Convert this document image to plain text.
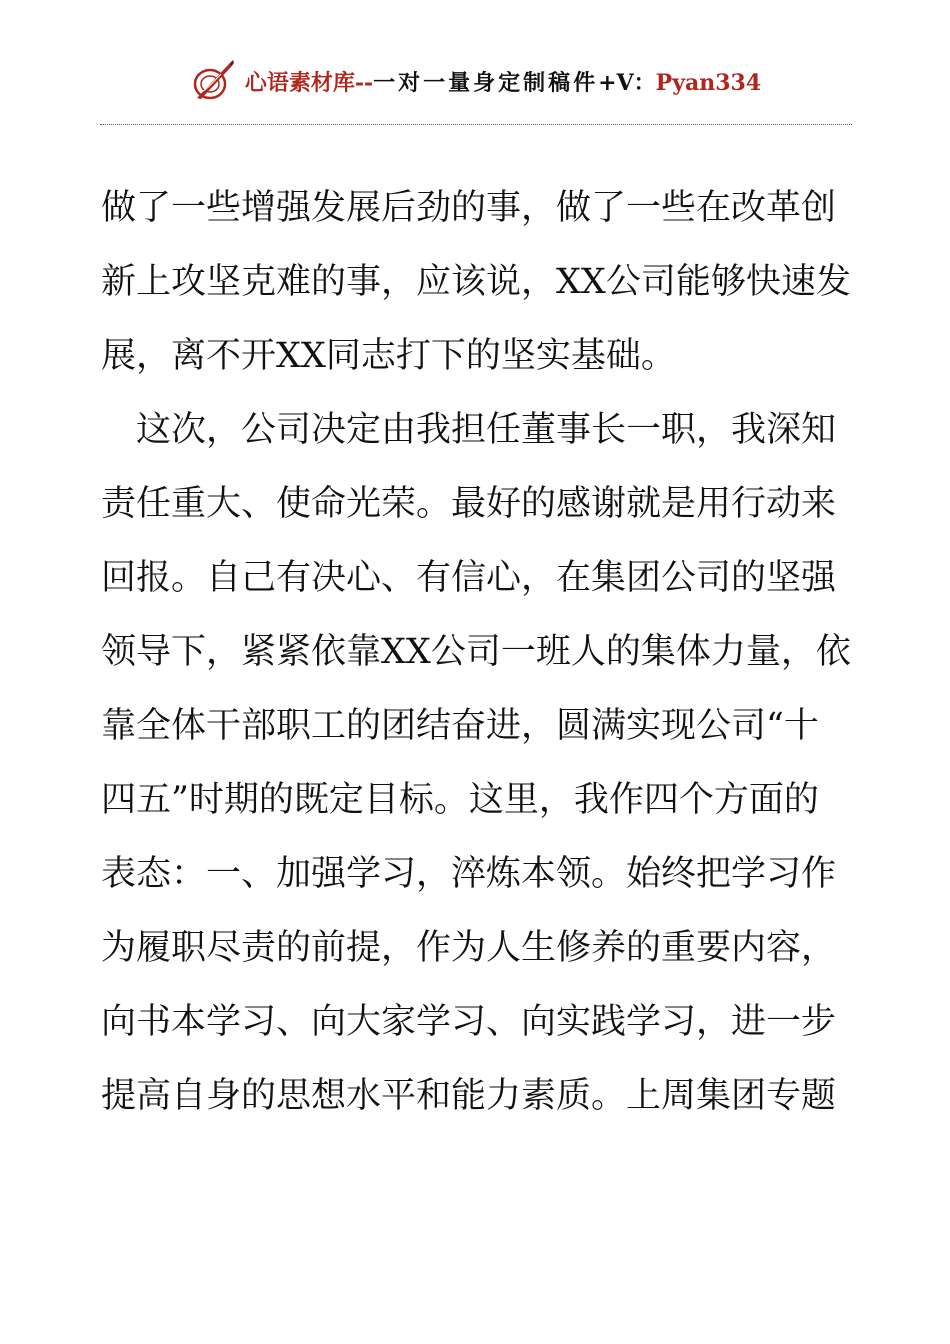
心语素材库--一对一量身定制稿件+V：Pyan334
做了一些增强发展后劲的事，做了一些在改革创
新上攻坚克难的事，应该说，XX公司能够快速发
展，离不开XX同志打下的坚实基础。
　这次，公司决定由我担任董事长一职，我深知
责任重大、使命光荣。最好的感谢就是用行动来
回报。自己有决心、有信心，在集团公司的坚强
领导下，紧紧依靠XX公司一班人的集体力量，依
靠全体干部职工的团结奋进，圆满实现公司“十
四五”时期的既定目标。这里，我作四个方面的
表态：一、加强学习，淬炼本领。始终把学习作
为履职尽责的前提，作为人生修养的重要内容，
向书本学习、向大家学习、向实践学习，进一步
提高自身的思想水平和能力素质。上周集团专题
